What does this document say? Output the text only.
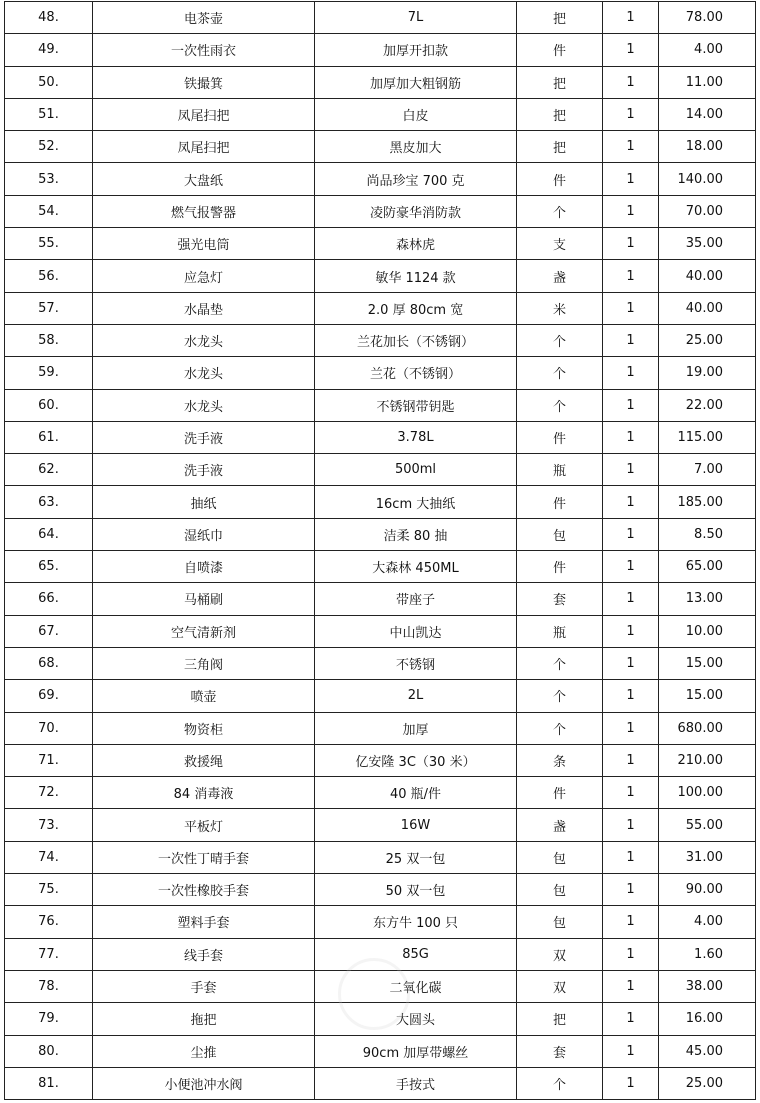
48.	电茶壶	7L	把	1	78.00
49.	一次性雨衣	加厚开扣款	件	1	4.00
50.	铁撮箕	加厚加大粗钢筋	把	1	11.00
51.	凤尾扫把	白皮	把	1	14.00
52.	凤尾扫把	黑皮加大	把	1	18.00
53.	大盘纸	尚品珍宝 700 克	件	1	140.00
54.	燃气报警器	凌防豪华消防款	个	1	70.00
55.	强光电筒	森林虎	支	1	35.00
56.	应急灯	敏华 1124 款	盏	1	40.00
57.	水晶垫	2.0 厚 80cm 宽	米	1	40.00
58.	水龙头	兰花加长（不锈钢）	个	1	25.00
59.	水龙头	兰花（不锈钢）	个	1	19.00
60.	水龙头	不锈钢带钥匙	个	1	22.00
61.	洗手液	3.78L	件	1	115.00
62.	洗手液	500ml	瓶	1	7.00
63.	抽纸	16cm 大抽纸	件	1	185.00
64.	湿纸巾	洁柔 80 抽	包	1	8.50
65.	自喷漆	大森林 450ML	件	1	65.00
66.	马桶刷	带座子	套	1	13.00
67.	空气清新剂	中山凯达	瓶	1	10.00
68.	三角阀	不锈钢	个	1	15.00
69.	喷壶	2L	个	1	15.00
70.	物资柜	加厚	个	1	680.00
71.	救援绳	亿安隆 3C（30 米）	条	1	210.00
72.	84 消毒液	40 瓶/件	件	1	100.00
73.	平板灯	16W	盏	1	55.00
74.	一次性丁晴手套	25 双一包	包	1	31.00
75.	一次性橡胶手套	50 双一包	包	1	90.00
76.	塑料手套	东方牛 100 只	包	1	4.00
77.	线手套	85G	双	1	1.60
78.	手套	二氧化碳	双	1	38.00
79.	拖把	大圆头	把	1	16.00
80.	尘推	90cm 加厚带螺丝	套	1	45.00
81.	小便池冲水阀	手按式	个	1	25.00
